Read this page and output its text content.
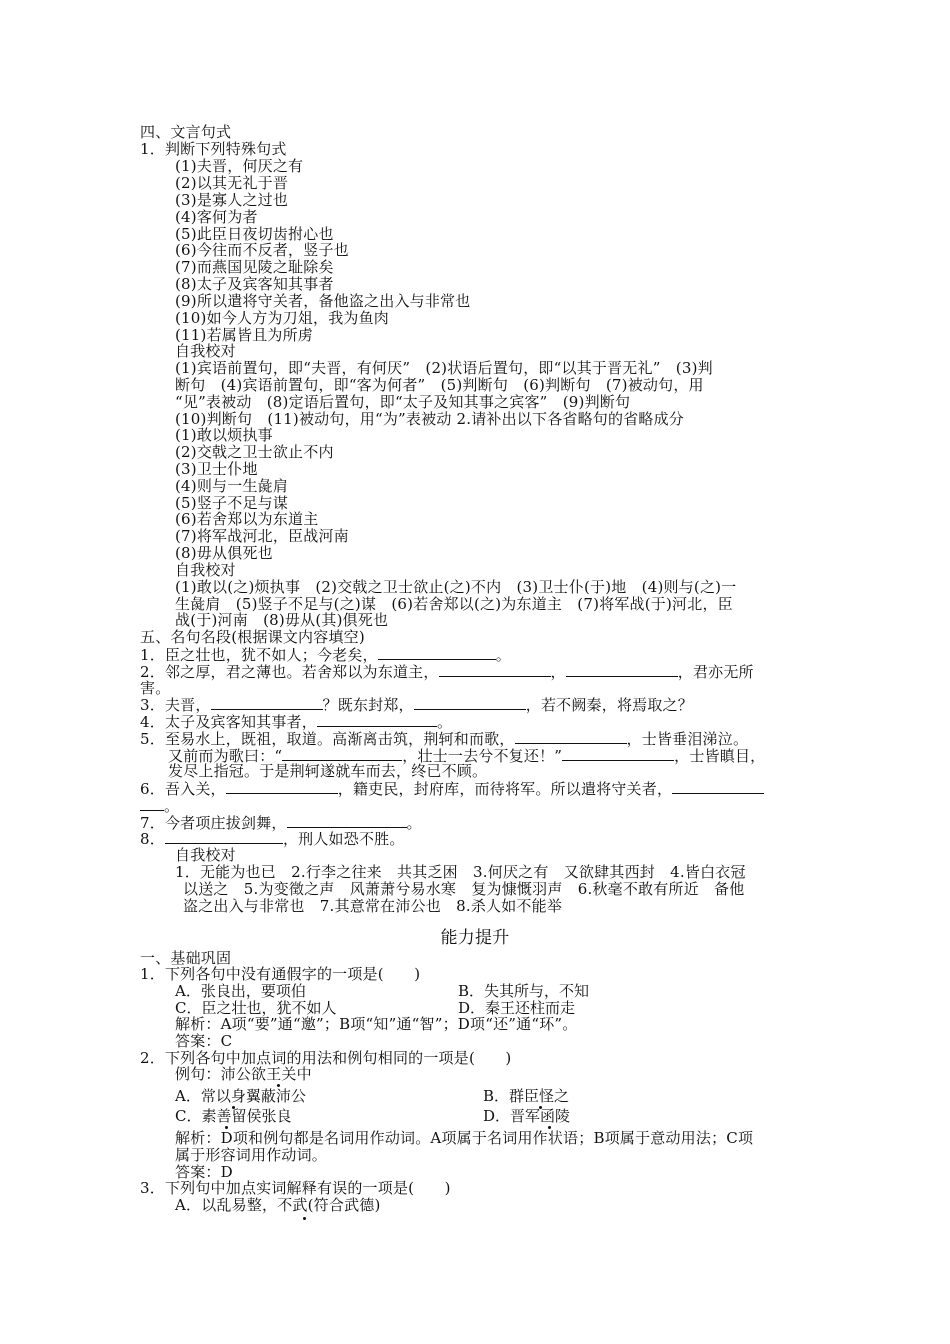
四、文言句式
1．判断下列特殊句式
(1)夫晋，何厌之有
(2)以其无礼于晋
(3)是寡人之过也
(4)客何为者
(5)此臣日夜切齿拊心也
(6)今往而不反者，竖子也
(7)而燕国见陵之耻除矣
(8)太子及宾客知其事者
(9)所以遣将守关者，备他盗之出入与非常也
(10)如今人方为刀俎，我为鱼肉
(11)若属皆且为所虏
自我校对
(1)宾语前置句，即“夫晋，有何厌”　(2)状语后置句，即“以其于晋无礼”　(3)判
断句　(4)宾语前置句，即“客为何者”　(5)判断句　(6)判断句　(7)被动句，用
“见”表被动　(8)定语后置句，即“太子及知其事之宾客”　(9)判断句
(10)判断句　(11)被动句，用“为”表被动 2.请补出以下各省略句的省略成分
(1)敢以烦执事
(2)交戟之卫士欲止不内
(3)卫士仆地
(4)则与一生彘肩
(5)竖子不足与谋
(6)若舍郑以为东道主
(7)将军战河北，臣战河南
(8)毋从俱死也
自我校对
(1)敢以(之)烦执事　(2)交戟之卫士欲止(之)不内　(3)卫士仆(于)地　(4)则与(之)一
生彘肩　(5)竖子不足与(之)谋　(6)若舍郑以(之)为东道主　(7)将军战(于)河北，臣
战(于)河南　(8)毋从(其)俱死也
五、名句名段(根据课文内容填空)
1．臣之壮也，犹不如人；今老矣，	。
2．邻之厚，君之薄也。若舍郑以为东道主，	，	，君亦无所
害。
3．夫晋，	？既东封郑，	，若不阙秦，将焉取之？
4．太子及宾客知其事者，	。
5．至易水上，既祖，取道。高渐离击筑，荆轲和而歌，	，士皆垂泪涕泣。
又前而为歌曰：“	，壮士一去兮不复还！”	，士皆瞋目，
发尽上指冠。于是荆轲遂就车而去，终已不顾。
6．吾入关，	，籍吏民，封府库，而待将军。所以遣将守关者，
。
7．今者项庄拔剑舞，	。
8．	，刑人如恐不胜。
自我校对
1．无能为也已　2.行李之往来　共其乏困　3.何厌之有　又欲肆其西封　4.皆白衣冠
以送之　5.为变徵之声　风萧萧兮易水寒　复为慷慨羽声　6.秋毫不敢有所近　备他
盗之出入与非常也　7.其意常在沛公也　8.杀人如不能举
能力提升
一、基础巩固
1．下列各句中没有通假字的一项是(　　)
A．张良出，要项伯	B．失其所与，不知
C．臣之壮也，犹不如人	D．秦王还柱而走
解析：A项“要”通“邀”；B项“知”通“智”；D项“还”通“环”。
答案：C
2．下列各句中加点词的用法和例句相同的一项是(　　)
例句：沛公欲王关中
A．常以身翼蔽沛公	B．群臣怪之
C．素善留侯张良	D．晋军函陵
解析：D项和例句都是名词用作动词。A项属于名词用作状语；B项属于意动用法；C项
属于形容词用作动词。
答案：D
3．下列句中加点实词解释有误的一项是(　　)
A．以乱易整，不武(符合武德)
